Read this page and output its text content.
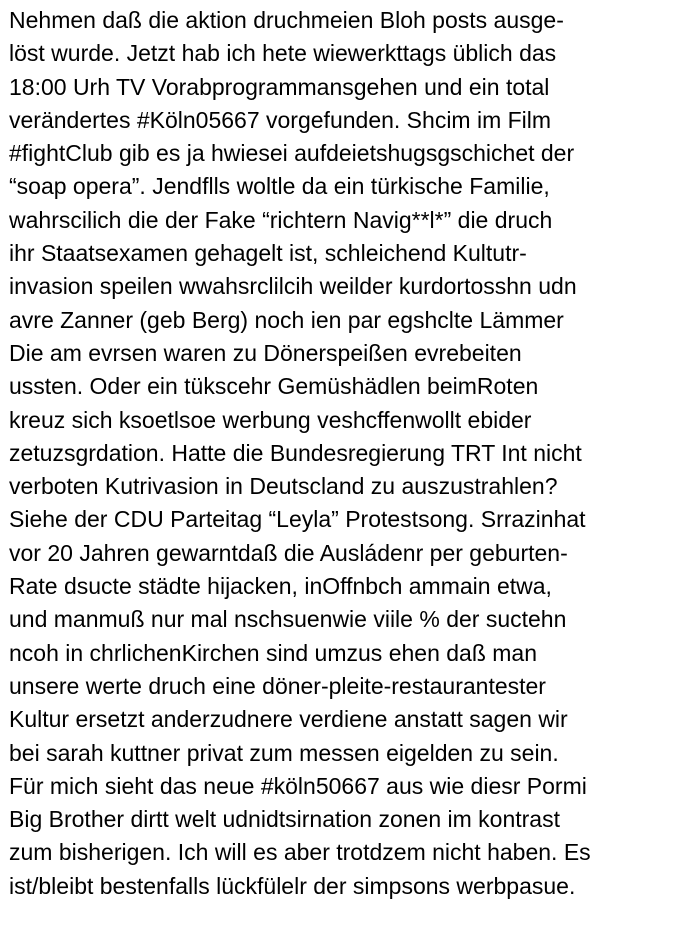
Nehmen daß die aktion druchmeien Bloh posts ausge-
löst wurde. Jetzt hab ich hete wiewerkttags üblich das
18:00 Urh TV Vorabprogrammansgehen und ein total
verändertes #Köln05667 vorgefunden. Shcim im Film
#fightClub gib es ja hwiesei aufdeietshugsgschichet der
“soap opera”. Jendflls woltle da ein türkische Familie,
wahrscilich die der Fake “richtern Navig**l*” die druch
ihr Staatsexamen gehagelt ist, schleichend Kultutr-
invasion speilen wwahsrclilcih weilder kurdortosshn udn
avre Zanner (geb Berg) noch ien par egshclte Lämmer
Die am evrsen waren zu Dönerspeißen evrebeiten
ussten. Oder ein tükscehr Gemüshädlen beimRoten
kreuz sich ksoetlsoe werbung veshcffenwollt ebider
zetuzsgrdation. Hatte die Bundesregierung TRT Int nicht
verboten Kutrivasion in Deutscland zu auszustrahlen?
Siehe der CDU Parteitag “Leyla” Protestsong. Srrazinhat
vor 20 Jahren gewarntdaß die Ausládenr per geburten-
Rate dsucte städte hijacken, inOffnbch ammain etwa,
und manmuß nur mal nschsuenwie viile % der suctehn
ncoh in chrlichenKirchen sind umzus ehen daß man
unsere werte druch eine döner-pleite-restaurantester
Kultur ersetzt anderzudnere verdiene anstatt sagen wir
bei sarah kuttner privat zum messen eigelden zu sein.
Für mich sieht das neue #köln50667 aus wie diesr Pormi
Big Brother dirtt welt udnidtsirnation zonen im kontrast
zum bisherigen. Ich will es aber trotdzem nicht haben. Es
ist/bleibt bestenfalls lückfülelr der simpsons werbpasue.
